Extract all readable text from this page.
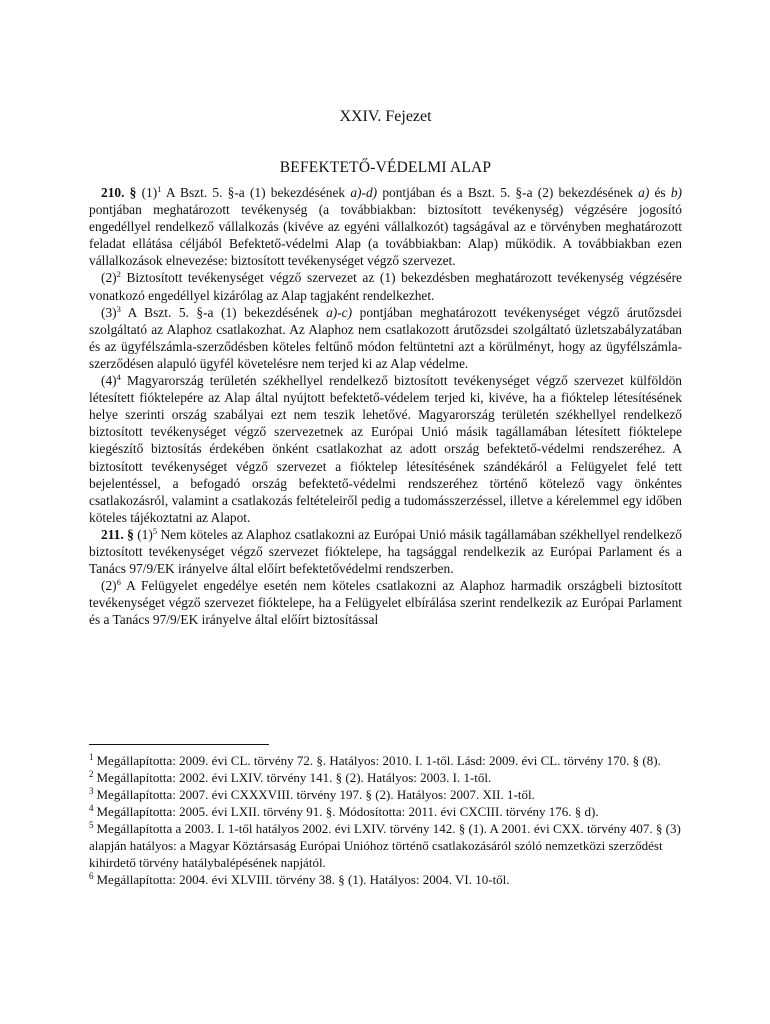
XXIV. Fejezet
BEFEKTETŐ-VÉDELMI ALAP

210. § $(1)^1$ A Bszt. 5. §-a (1) bekezdésének a)-d) pontjában és a Bszt. 5. §-a (2) bekezdésének a) és b) pontjában meghatározott tevékenység (a továbbiakban: biztosított tevékenység) végzésére jogosító engedéllyel rendelkező vállalkozás (kivéve az egyéni vállalkozót) tagságával az e törvényben meghatározott feladat ellátása céljából Befektető-védelmi Alap (a továbbiakban: Alap) működik. A továbbiakban ezen vállalkozások elnevezése: biztosított tevékenységet végző szervezet.

$(2)^2$ Biztosított tevékenységet végző szervezet az (1) bekezdésben meghatározott tevékenység végzésére vonatkozó engedéllyel kizárólag az Alap tagjaként rendelkezhet.

$(3)^3$ A Bszt. 5. §-a (1) bekezdésének a)-c) pontjában meghatározott tevékenységet végző árutőzsdei szolgáltató az Alaphoz csatlakozhat. Az Alaphoz nem csatlakozott árutőzsdei szolgáltató üzletszabályzatában és az ügyfélszámla-szerződésben köteles feltűnő módon feltüntetni azt a körülményt, hogy az ügyfélszámla-szerződésen alapuló ügyfél követelésre nem terjed ki az Alap védelme.

$(4)^4$ Magyarország területén székhellyel rendelkező biztosított tevékenységet végző szervezet külföldön létesített fióktelepére az Alap által nyújtott befektető-védelem terjed ki, kivéve, ha a fióktelep létesítésének helye szerinti ország szabályai ezt nem teszik lehetővé. Magyarország területén székhellyel rendelkező biztosított tevékenységet végző szervezetnek az Európai Unió másik tagállamában létesített fióktelepe kiegészítő biztosítás érdekében önként csatlakozhat az adott ország befektető-védelmi rendszeréhez. A biztosított tevékenységet végző szervezet a fióktelep létesítésének szándékáról a Felügyelet felé tett bejelentéssel, a befogadó ország befektető-védelmi rendszeréhez történő kötelező vagy önkéntes csatlakozásról, valamint a csatlakozás feltételeiről pedig a tudomásszerzéssel, illetve a kérelemmel egy időben köteles tájékoztatni az Alapot.

211. § $(1)^5$ Nem köteles az Alaphoz csatlakozni az Európai Unió másik tagállamában székhellyel rendelkező biztosított tevékenységet végző szervezet fióktelepe, ha tagsággal rendelkezik az Európai Parlament és a Tanács 97/9/EK irányelve által előírt befektetővédelmi rendszerben.

$(2)^6$ A Felügyelet engedélye esetén nem köteles csatlakozni az Alaphoz harmadik országbeli biztosított tevékenységet végző szervezet fióktelepe, ha a Felügyelet elbírálása szerint rendelkezik az Európai Parlament és a Tanács 97/9/EK irányelve által előírt biztosítással

$^1$ Megállapította: 2009. évi CL. törvény 72. §. Hatályos: 2010. I. 1-től. Lásd: 2009. évi CL. törvény 170. § (8).

$^2$ Megállapította: 2002. évi LXIV. törvény 141. § (2). Hatályos: 2003. I. 1-től.

$^3$ Megállapította: 2007. évi CXXXVIII. törvény 197. § (2). Hatályos: 2007. XII. 1-től.

$^4$ Megállapította: 2005. évi LXII. törvény 91. §. Módosította: 2011. évi CXCIII. törvény 176. § d).

$^5$ Megállapította a 2003. I. 1-től hatályos 2002. évi LXIV. törvény 142. § (1). A 2001. évi CXX. törvény 407. § (3) alapján hatályos: a Magyar Köztársaság Európai Unióhoz történő csatlakozásáról szóló nemzetközi szerződést kihirdető törvény hatálybalépésének napjától.

$^6$ Megállapította: 2004. évi XLVIII. törvény 38. § (1). Hatályos: 2004. VI. 10-től.
